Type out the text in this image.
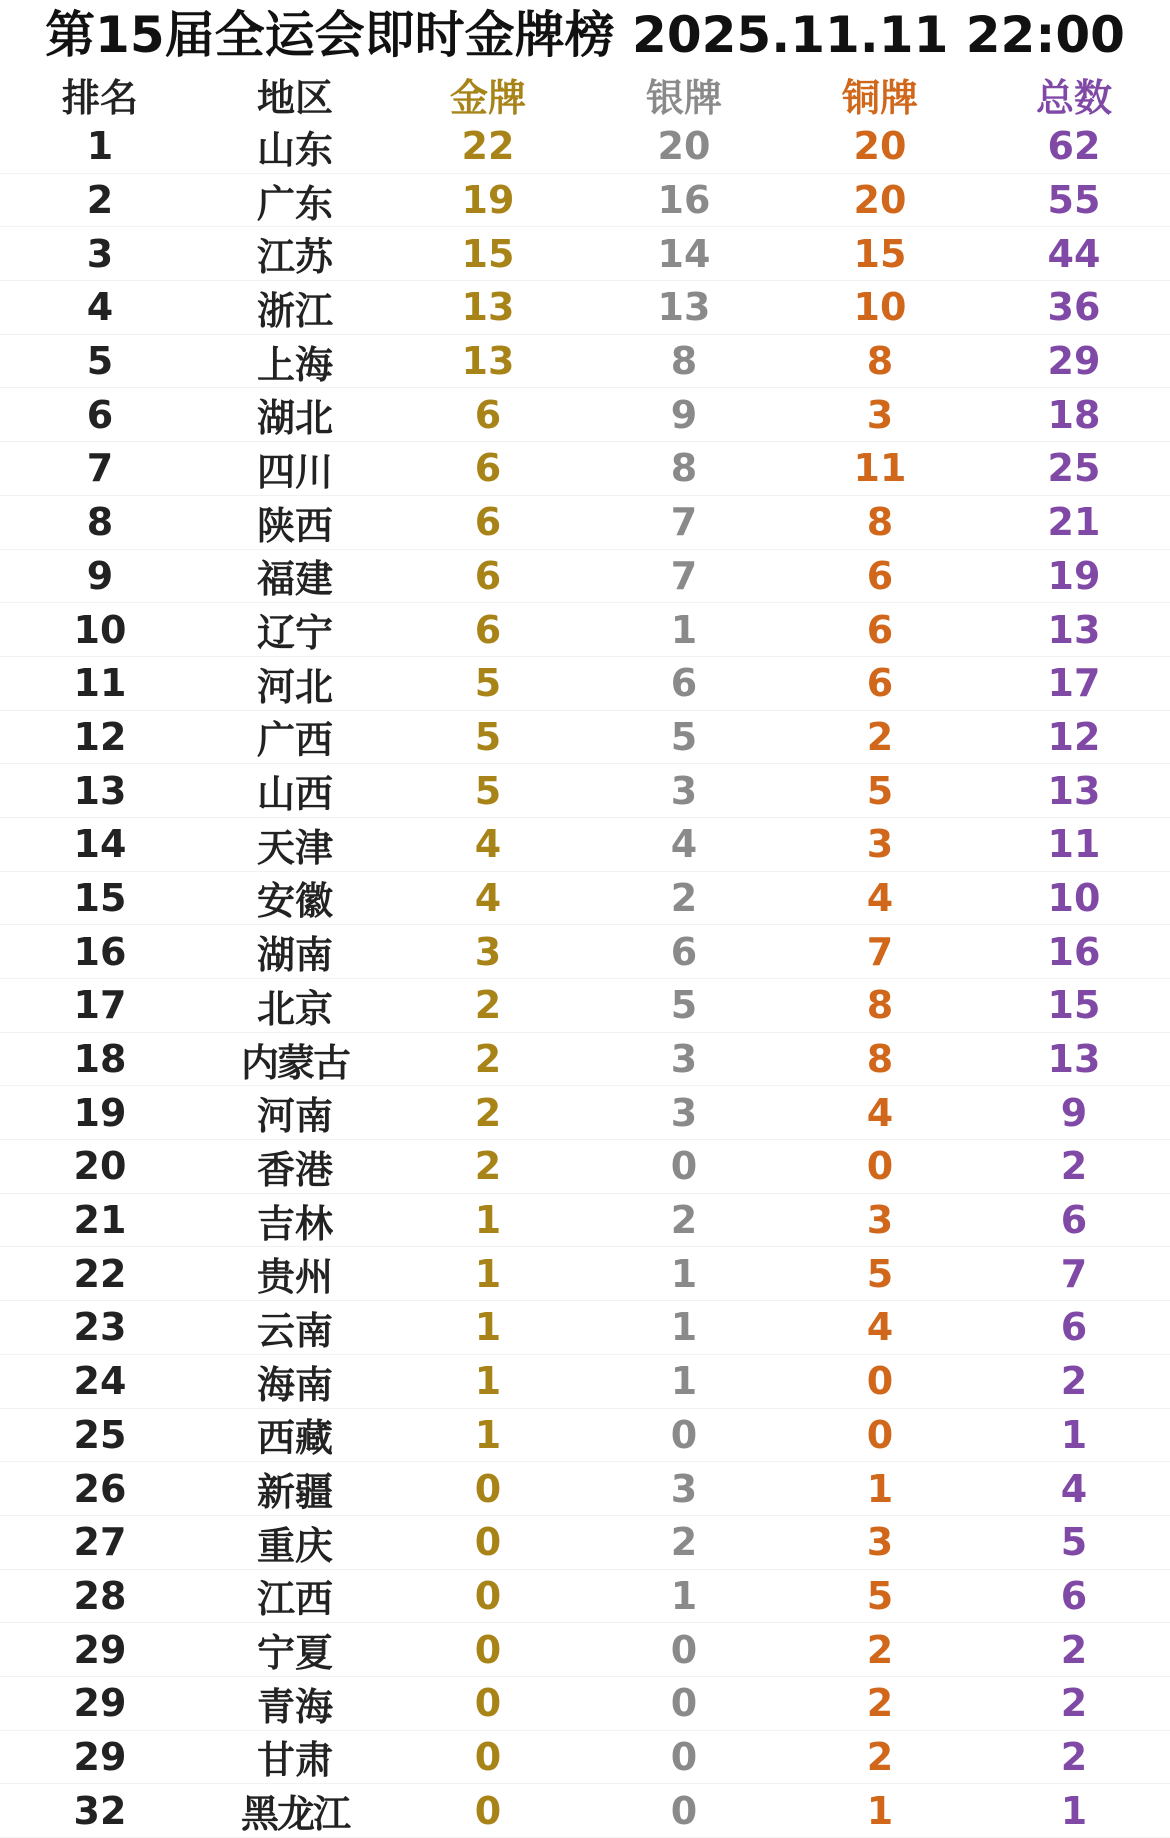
第15届全运会即时金牌榜 2025.11.11 22:00
排名	地区	金牌	银牌	铜牌	总数
1	山东	22	20	20	62
2	广东	19	16	20	55
3	江苏	15	14	15	44
4	浙江	13	13	10	36
5	上海	13	8	8	29
6	湖北	6	9	3	18
7	四川	6	8	11	25
8	陕西	6	7	8	21
9	福建	6	7	6	19
10	辽宁	6	1	6	13
11	河北	5	6	6	17
12	广西	5	5	2	12
13	山西	5	3	5	13
14	天津	4	4	3	11
15	安徽	4	2	4	10
16	湖南	3	6	7	16
17	北京	2	5	8	15
18	内蒙古	2	3	8	13
19	河南	2	3	4	9
20	香港	2	0	0	2
21	吉林	1	2	3	6
22	贵州	1	1	5	7
23	云南	1	1	4	6
24	海南	1	1	0	2
25	西藏	1	0	0	1
26	新疆	0	3	1	4
27	重庆	0	2	3	5
28	江西	0	1	5	6
29	宁夏	0	0	2	2
29	青海	0	0	2	2
29	甘肃	0	0	2	2
32	黑龙江	0	0	1	1
